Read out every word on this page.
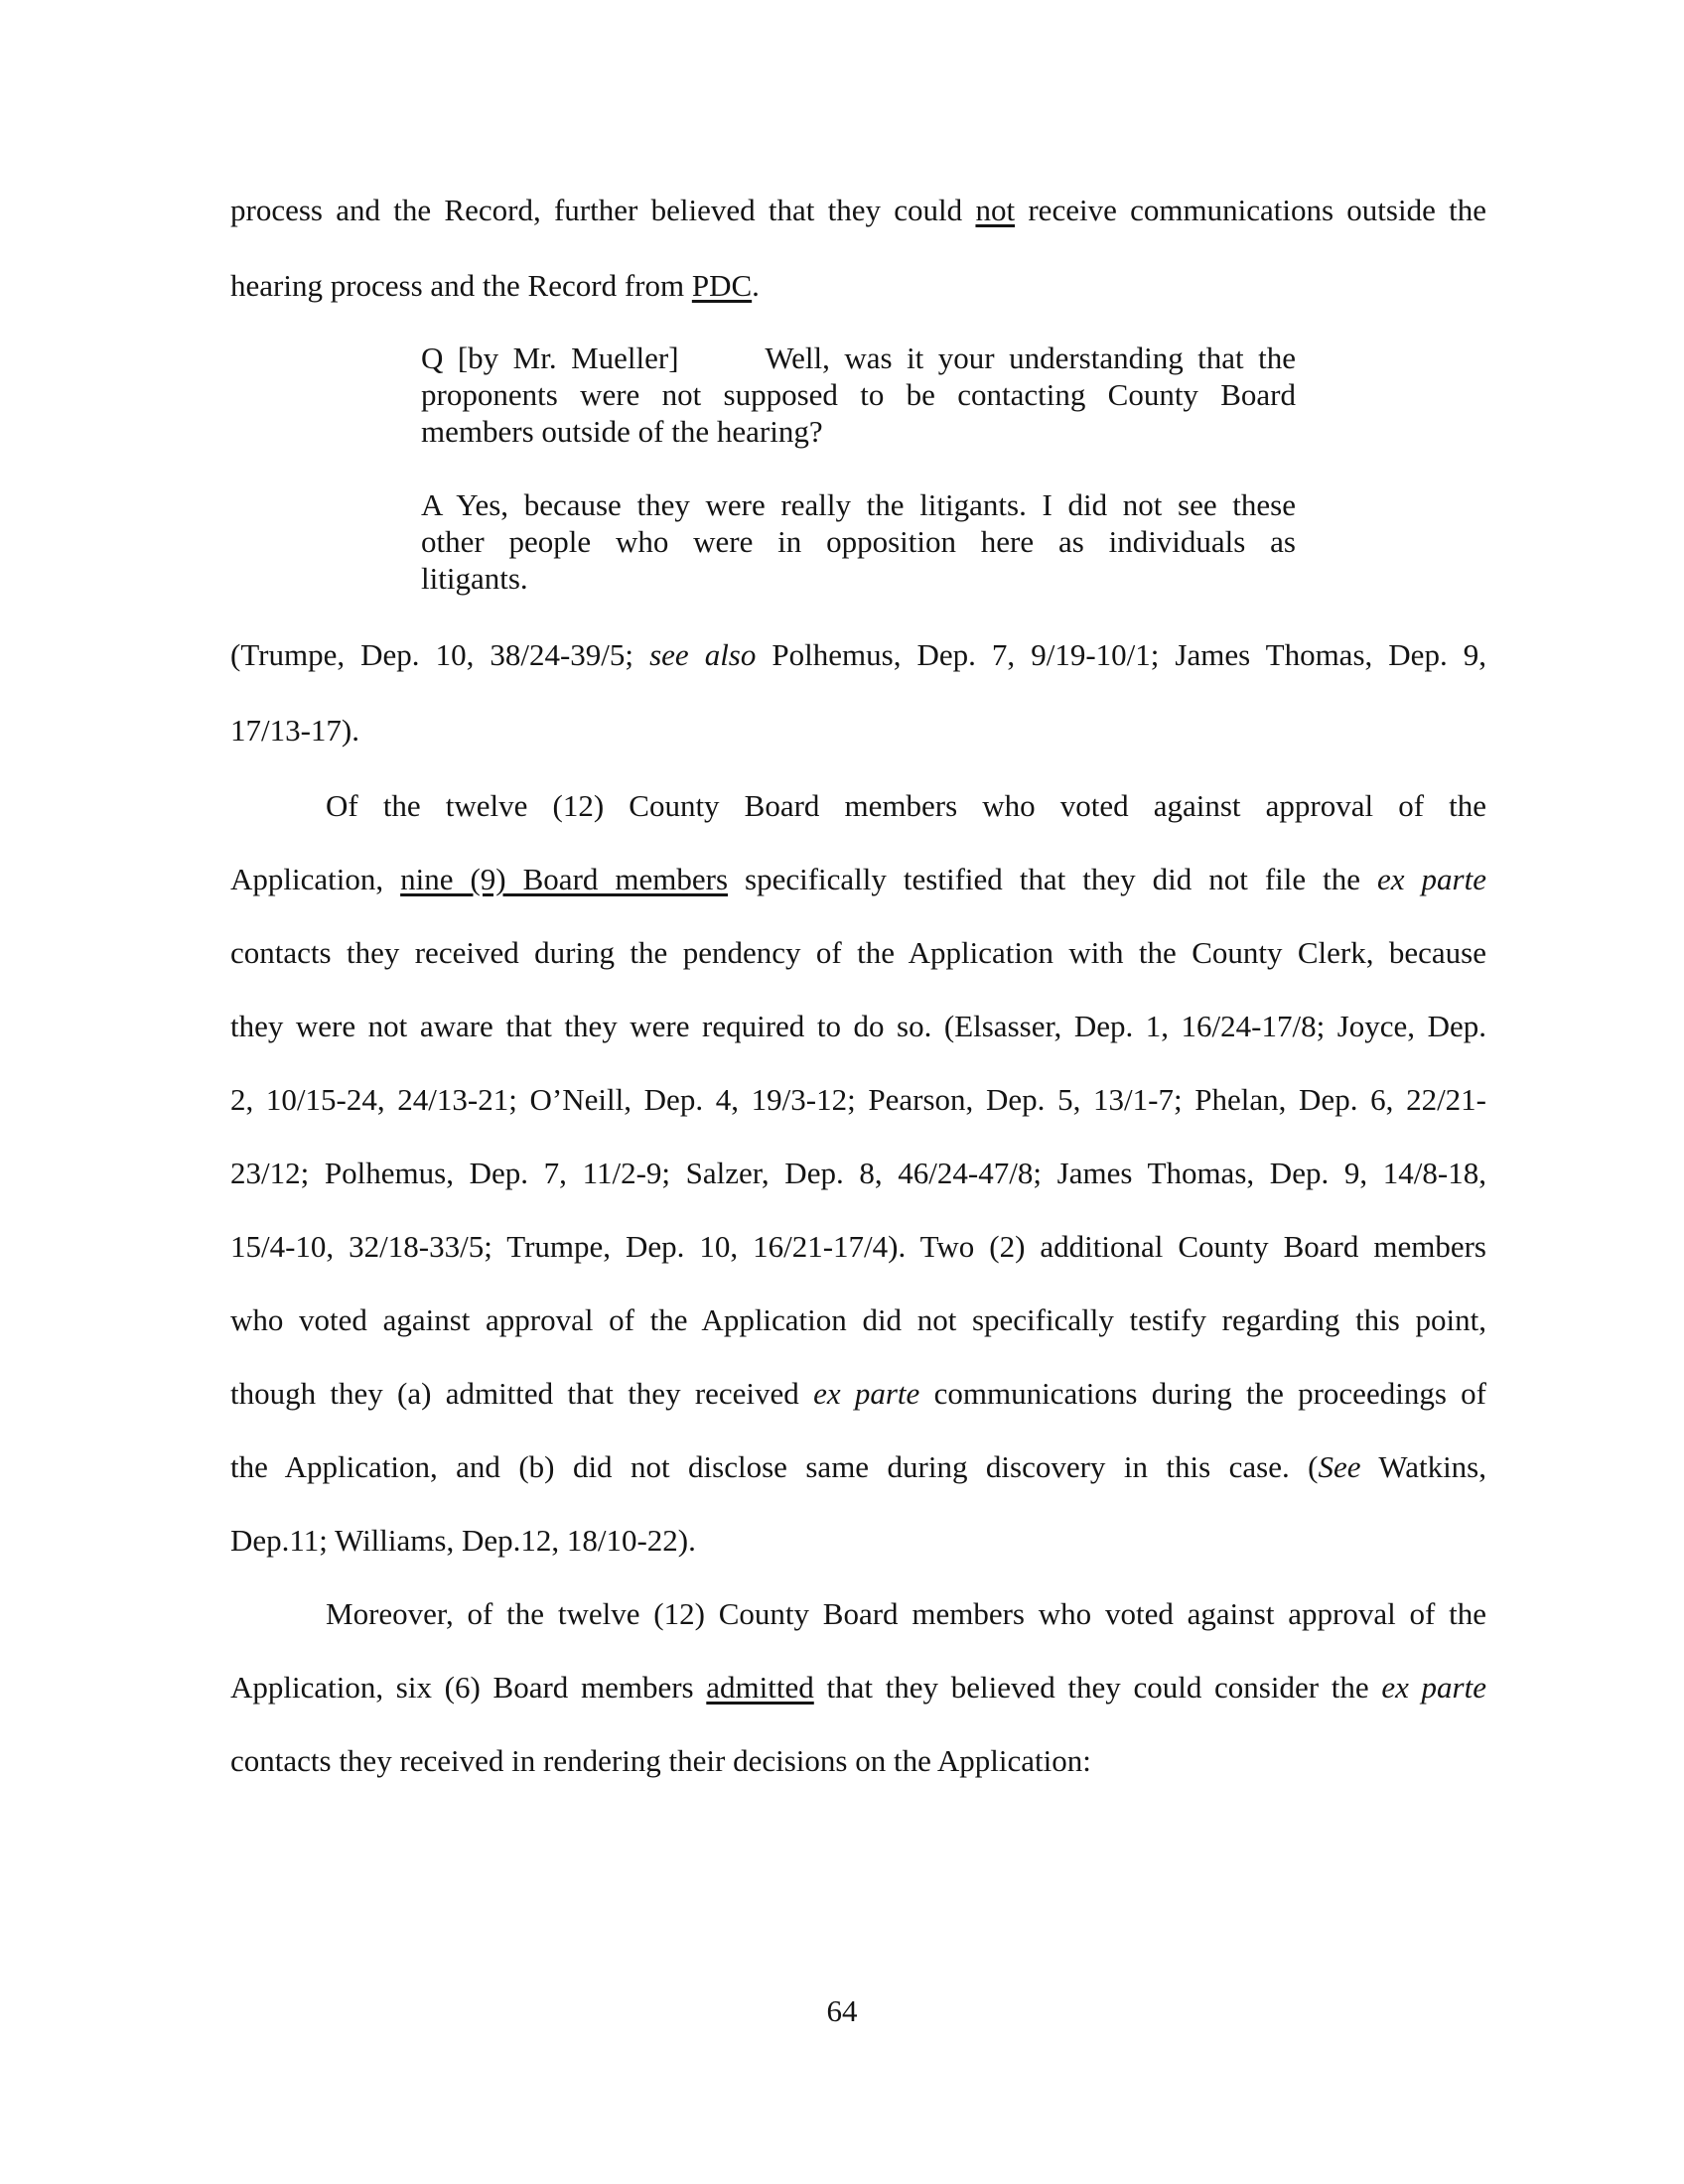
process and the Record, further believed that they could not receive communications outside the
hearing process and the Record from PDC.
Q [by Mr. Mueller]	Well, was it your understanding that the
proponents were not supposed to be contacting County Board
members outside of the hearing?
A Yes, because they were really the litigants. I did not see these
other people who were in opposition here as individuals as
litigants.
(Trumpe, Dep. 10, 38/24-39/5; see also Polhemus, Dep. 7, 9/19-10/1; James Thomas, Dep. 9,
17/13-17).
Of the twelve (12) County Board members who voted against approval of the
Application, nine (9) Board members specifically testified that they did not file the ex parte
contacts they received during the pendency of the Application with the County Clerk, because
they were not aware that they were required to do so. (Elsasser, Dep. 1, 16/24-17/8; Joyce, Dep.
2, 10/15-24, 24/13-21; O’Neill, Dep. 4, 19/3-12; Pearson, Dep. 5, 13/1-7; Phelan, Dep. 6, 22/21-
23/12; Polhemus, Dep. 7, 11/2-9; Salzer, Dep. 8, 46/24-47/8; James Thomas, Dep. 9, 14/8-18,
15/4-10, 32/18-33/5; Trumpe, Dep. 10, 16/21-17/4). Two (2) additional County Board members
who voted against approval of the Application did not specifically testify regarding this point,
though they (a) admitted that they received ex parte communications during the proceedings of
the Application, and (b) did not disclose same during discovery in this case. (See Watkins,
Dep.11; Williams, Dep.12, 18/10-22).
Moreover, of the twelve (12) County Board members who voted against approval of the
Application, six (6) Board members admitted that they believed they could consider the ex parte
contacts they received in rendering their decisions on the Application:
64
